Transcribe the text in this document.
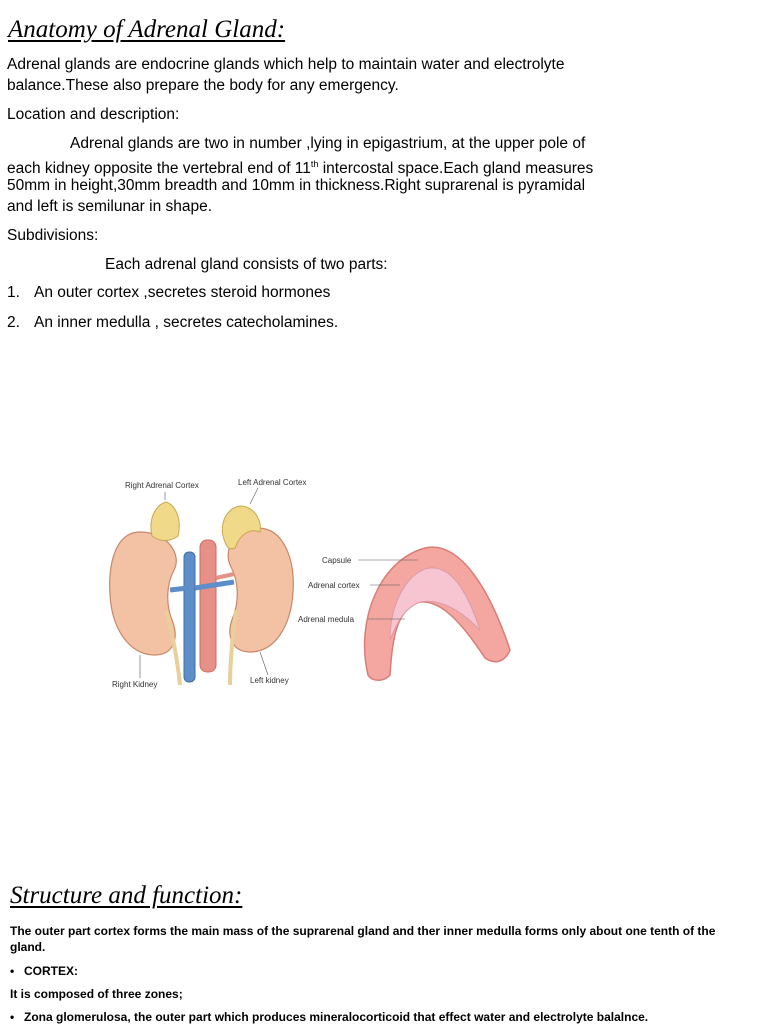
Anatomy of Adrenal Gland:
Adrenal glands are endocrine glands which help to maintain water and electrolyte balance.These also prepare the body for any emergency.
Location and description:
Adrenal glands are two in number ,lying in epigastrium, at the upper pole of
each kidney opposite the vertebral end of 11th intercostal space.Each gland measures
50mm in height,30mm breadth and 10mm in thickness.Right suprarenal is pyramidal
and left is semilunar in shape.
Subdivisions:
Each adrenal gland consists of two parts:
1. An outer cortex ,secretes steroid hormones
2. An inner medulla , secretes catecholamines.
Right Adrenal Cortex	Left Adrenal Cortex
Right Kidney	Left kidney
Capsule
Adrenal cortex
Adrenal medula
Structure and function:
The outer part cortex forms the main mass of the suprarenal gland and ther inner medulla forms only about one tenth of the gland.
• CORTEX:
It is composed of three zones;
• Zona glomerulosa, the outer part which produces mineralocorticoid that effect water and electrolyte balalnce.
